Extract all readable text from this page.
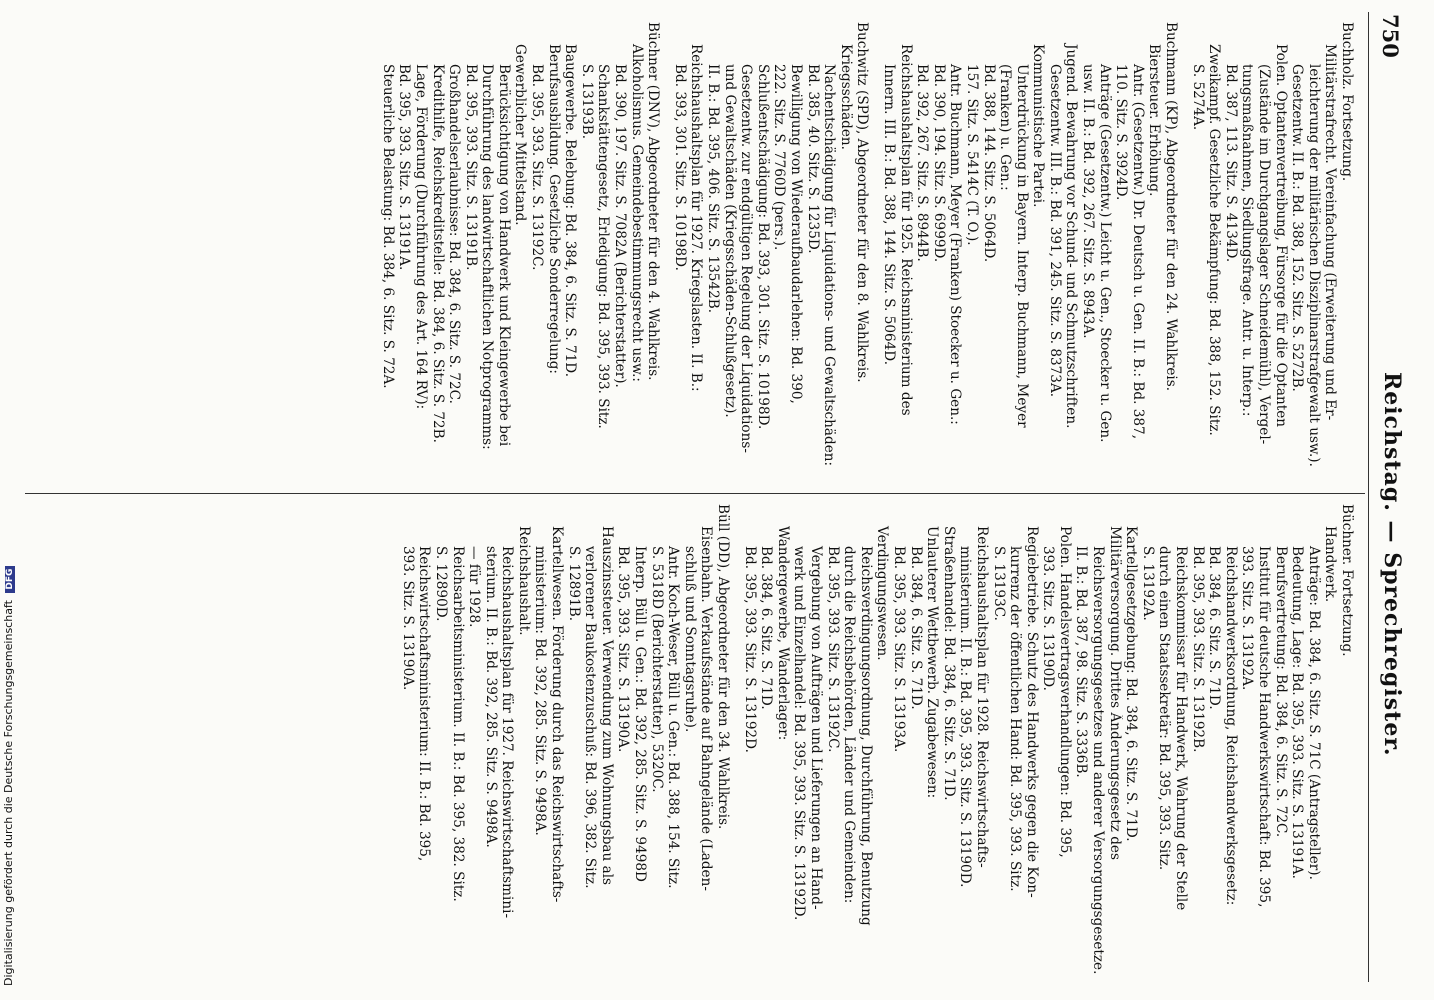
750
Reichstag. — Sprechregister.
Buchholz. Fortsetzung.
Militärstrafrecht. Vereinfachung (Erweiterung und Er-
leichterung der militärischen Disziplinarstrafgewalt usw.).
Gesetzentw. II. B.: Bd. 388, 152. Sitz. S. 5272B.
Polen. Optantenvertreibung, Fürsorge für die Optanten
(Zustände im Durchgangslager Schneidemühl), Vergel-
tungsmaßnahmen, Siedlungsfrage. Antr. u. Interp.:
Bd. 387, 113. Sitz. S. 4134D.
Zweikampf. Gesetzliche Bekämpfung: Bd. 388, 152. Sitz.
S. 5274A.
Buchmann (KP), Abgeordneter für den 24. Wahlkreis.
Biersteuer. Erhöhung.
Antr. (Gesetzentw.) Dr. Deutsch u. Gen. II. B.: Bd. 387,
110. Sitz. S. 3924D.
Anträge (Gesetzentw.) Leicht u. Gen., Stoecker u. Gen.
usw. II. B.: Bd. 392, 267. Sitz. S. 8943A.
Jugend. Bewahrung vor Schund- und Schmutzschriften.
Gesetzentw. III. B.: Bd. 391, 245. Sitz. S. 8373A.
Kommunistische Partei.
Unterdrückung in Bayern. Interp. Buchmann, Meyer
(Franken) u. Gen.:
Bd. 388, 144. Sitz. S. 5064D.
157. Sitz. S. 5414C (T. O.).
Antr. Buchmann, Meyer (Franken) Stoecker u. Gen.:
Bd. 390, 194. Sitz. S. 6999D.
Bd. 392, 267. Sitz. S. 8944B.
Reichshaushaltsplan für 1925. Reichsministerium des
Innern. III. B.: Bd. 388, 144. Sitz. S. 5064D.
Buchwitz (SPD), Abgeordneter für den 8. Wahlkreis.
Kriegsschäden.
Nachentschädigung für Liquidations- und Gewaltschäden:
Bd. 385, 40. Sitz. S. 1235D.
Bewilligung von Wiederaufbaudarlehen: Bd. 390,
222. Sitz. S. 7760D (pers.).
Schlußentschädigung: Bd. 393, 301. Sitz. S. 10198D.
Gesetzentw. zur endgültigen Regelung der Liquidations-
und Gewaltschäden (Kriegsschäden-Schlußgesetz).
II. B.: Bd. 395, 406. Sitz. S. 13542B.
Reichshaushaltsplan für 1927. Kriegslasten. II. B.:
Bd. 393, 301. Sitz. S. 10198D.
Büchner (DNV), Abgeordneter für den 4. Wahlkreis.
Alkoholismus. Gemeindebestimmungsrecht usw.:
Bd. 390, 197. Sitz. S. 7082A (Berichterstatter).
Schankstättengesetz, Erledigung: Bd. 395, 393. Sitz.
S. 13193B.
Baugewerbe. Belebung: Bd. 384, 6. Sitz. S. 71D.
Berufsausbildung. Gesetzliche Sonderregelung:
Bd. 395, 393. Sitz. S. 13192C.
Gewerblicher Mittelstand.
Berücksichtigung von Handwerk und Kleingewerbe bei
Durchführung des landwirtschaftlichen Notprogramms:
Bd. 395, 393. Sitz. S. 13191B.
Großhandelserlaubnisse: Bd. 384, 6. Sitz. S. 72C.
Kredithilfe, Reichskreditstelle: Bd. 384, 6. Sitz. S. 72B.
Lage, Förderung (Durchführung des Art. 164 RV):
Bd. 395, 393. Sitz. S. 13191A.
Steuerliche Belastung: Bd. 384, 6. Sitz. S. 72A.
Büchner. Fortsetzung.
Handwerk.
Anträge: Bd. 384, 6. Sitz. S. 71C (Antragsteller).
Bedeutung, Lage: Bd. 395, 393. Sitz. S. 13191A.
Berufsvertretung: Bd. 384, 6. Sitz. S. 72C.
Institut für deutsche Handwerkswirtschaft: Bd. 395,
393. Sitz. S. 13192A.
Reichshandwerksordnung, Reichshandwerksgesetz:
Bd. 384, 6. Sitz. S. 71D.
Bd. 395, 393. Sitz. S. 13192B.
Reichskommissar für Handwerk, Wahrung der Stelle
durch einen Staatssekretär: Bd. 395, 393. Sitz.
S. 13192A.
Kartellgesetzgebung: Bd. 384, 6. Sitz. S. 71D.
Militärversorgung. Drittes Änderungsgesetz des
Reichsversorgungsgesetzes und anderer Versorgungsgesetze.
II. B.: Bd. 387, 98. Sitz. S. 3336B.
Polen. Handelsvertragsverhandlungen: Bd. 395,
393. Sitz. S. 13190D.
Regiebetriebe. Schutz des Handwerks gegen die Kon-
kurrenz der öffentlichen Hand: Bd. 395, 393. Sitz.
S. 13193C.
Reichshaushaltsplan für 1928. Reichswirtschafts-
ministerium. II. B.: Bd. 395, 393. Sitz. S. 13190D.
Straßenhandel: Bd. 384, 6. Sitz. S. 71D.
Unlauterer Wettbewerb. Zugabewesen:
Bd. 384, 6. Sitz. S. 71D.
Bd. 395, 393. Sitz. S. 13193A.
Verdingungswesen.
Reichsverdingungsordnung, Durchführung, Benutzung
durch die Reichsbehörden, Länder und Gemeinden:
Bd. 395, 393. Sitz. S. 13192C.
Vergebung von Aufträgen und Lieferungen an Hand-
werk und Einzelhandel: Bd. 395, 393. Sitz. S. 13192D.
Wandergewerbe, Wanderlager:
Bd. 384, 6. Sitz. S. 71D.
Bd. 395, 393. Sitz. S. 13192D.
Büll (DD), Abgeordneter für den 34. Wahlkreis.
Eisenbahn. Verkaufsstände auf Bahngelände (Laden-
schluß und Sonntagsruhe).
Antr. Koch-Weser, Büll u. Gen.: Bd. 388, 154. Sitz.
S. 5318D (Berichterstatter), 5320C.
Interp. Büll u. Gen.: Bd. 392, 285. Sitz. S. 9498D
Bd. 395, 393. Sitz. S. 13190A.
Hauszinssteuer. Verwendung zum Wohnungsbau als
verlorener Baukostenzuschuß: Bd. 396, 382. Sitz.
S. 12891B.
Kartellwesen. Förderung durch das Reichswirtschafts-
ministerium: Bd. 392, 285. Sitz. S. 9498A.
Reichshaushalt.
Reichshaushaltsplan für 1927. Reichswirtschaftsmini-
sterium. II. B.: Bd. 392, 285. Sitz. S. 9498A.
— für 1928.
Reichsarbeitsministerium. II. B.: Bd. 395, 382. Sitz.
S. 12890D.
Reichswirtschaftsministerium: II. B.: Bd. 395,
393. Sitz. S. 13190A.
Digitalisierung gefördert durch die Deutsche Forschungsgemeinschaft DFG
